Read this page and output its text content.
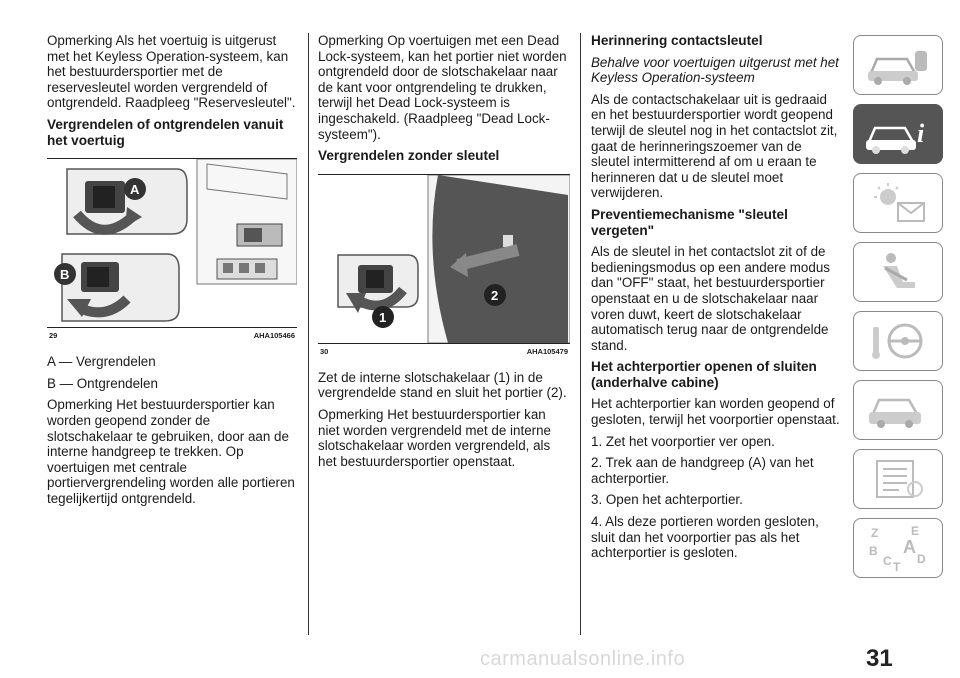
Opmerking Als het voertuig is uitgerust met het Keyless Operation-systeem, kan het bestuurdersportier met de reservesleutel worden vergrendeld of ontgrendeld. Raadpleeg "Reservesleutel".

Vergrendelen of ontgrendelen vanuit het voertuig
A
B
29	AHA105466

A — Vergrendelen

B — Ontgrendelen

Opmerking Het bestuurdersportier kan worden geopend zonder de slotschakelaar te gebruiken, door aan de interne handgreep te trekken. Op voertuigen met centrale portiervergrendeling worden alle portieren tegelijkertijd ontgrendeld.

Opmerking Op voertuigen met een Dead Lock-systeem, kan het portier niet worden ontgrendeld door de slotschakelaar naar de kant voor ontgrendeling te drukken, terwijl het Dead Lock-systeem is ingeschakeld. (Raadpleeg "Dead Lock-systeem").

Vergrendelen zonder sleutel
1
2
30	AHA105479

Zet de interne slotschakelaar (1) in de vergrendelde stand en sluit het portier (2).

Opmerking Het bestuurdersportier kan niet worden vergrendeld met de interne slotschakelaar worden vergrendeld, als het bestuurdersportier openstaat.

Herinnering contactsleutel

Behalve voor voertuigen uitgerust met het Keyless Operation-systeem

Als de contactschakelaar uit is gedraaid en het bestuurdersportier wordt geopend terwijl de sleutel nog in het contactslot zit, gaat de herinneringszoemer van de sleutel intermitterend af om u eraan te herinneren dat u de sleutel moet verwijderen.

Preventiemechanisme "sleutel vergeten"

Als de sleutel in het contactslot zit of de bedieningsmodus op een andere modus dan "OFF" staat, het bestuurdersportier openstaat en u de slotschakelaar naar voren duwt, keert de slotschakelaar automatisch terug naar de ontgrendelde stand.

Het achterportier openen of sluiten (anderhalve cabine)

Het achterportier kan worden geopend of gesloten, terwijl het voorportier openstaat.

1. Zet het voorportier ver open.

2. Trek aan de handgreep (A) van het achterportier.

3. Open het achterportier.

4. Als deze portieren worden gesloten, sluit dan het voorportier pas als het achterportier is gesloten.

i
Z	E
A
B
C D
T
carmanualsonline.info	31
